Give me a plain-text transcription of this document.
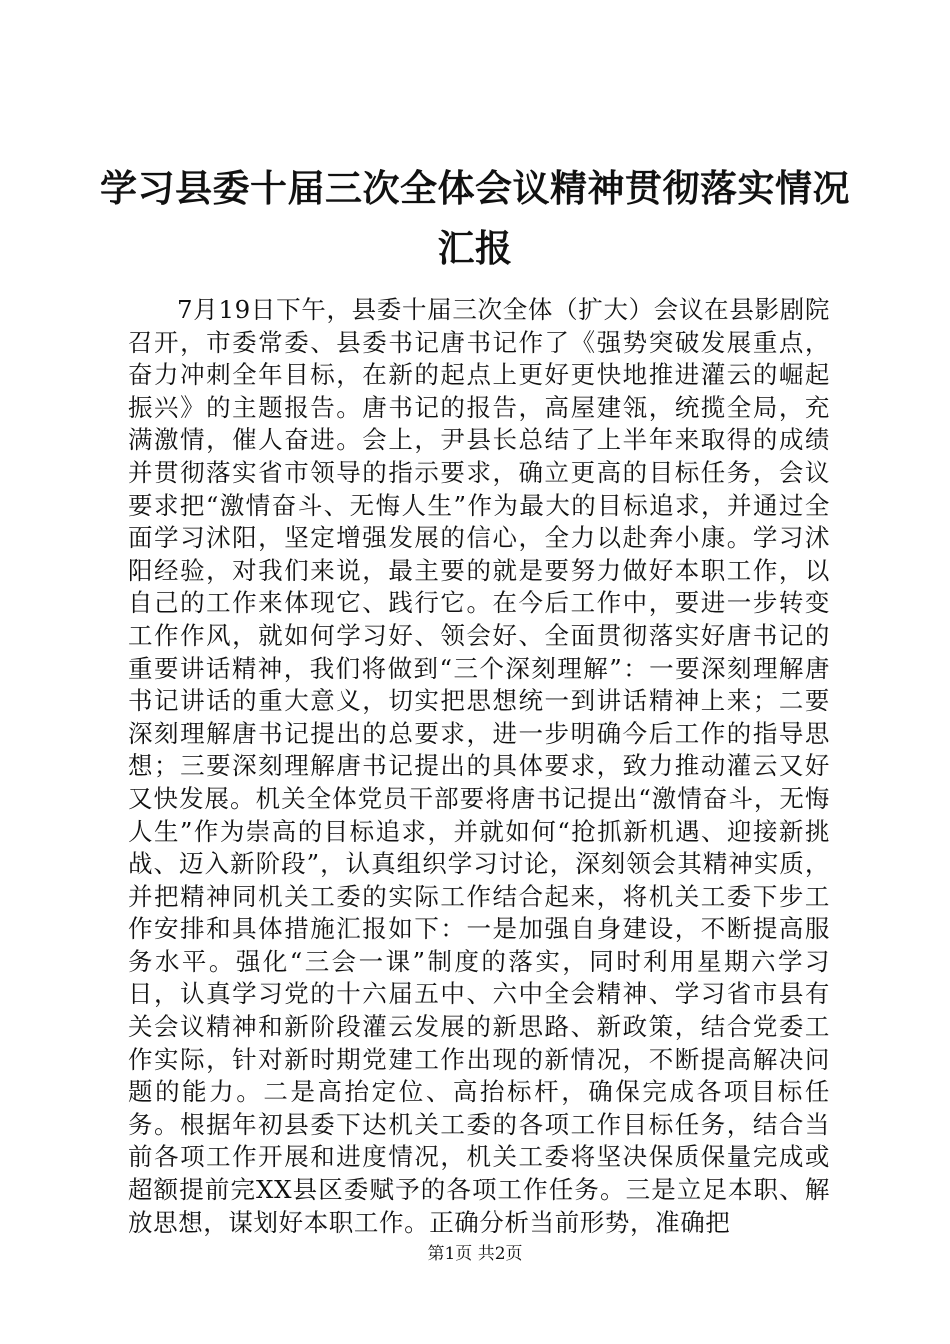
学习县委十届三次全体会议精神贯彻落实情况
汇报

7月19日下午，县委十届三次全体（扩大）会议在县影剧院召开，市委常委、县委书记唐书记作了《强势突破发展重点，奋力冲刺全年目标，在新的起点上更好更快地推进灌云的崛起振兴》的主题报告。唐书记的报告，高屋建瓴，统揽全局，充满激情，催人奋进。会上，尹县长总结了上半年来取得的成绩并贯彻落实省市领导的指示要求，确立更高的目标任务，会议要求把“激情奋斗、无悔人生”作为最大的目标追求，并通过全面学习沭阳，坚定增强发展的信心，全力以赴奔小康。学习沭阳经验，对我们来说，最主要的就是要努力做好本职工作，以自己的工作来体现它、践行它。在今后工作中，要进一步转变工作作风，就如何学习好、领会好、全面贯彻落实好唐书记的重要讲话精神，我们将做到“三个深刻理解”：一要深刻理解唐书记讲话的重大意义，切实把思想统一到讲话精神上来；二要深刻理解唐书记提出的总要求，进一步明确今后工作的指导思想；三要深刻理解唐书记提出的具体要求，致力推动灌云又好又快发展。机关全体党员干部要将唐书记提出“激情奋斗，无悔人生”作为崇高的目标追求，并就如何“抢抓新机遇、迎接新挑战、迈入新阶段”，认真组织学习讨论，深刻领会其精神实质，并把精神同机关工委的实际工作结合起来，将机关工委下步工作安排和具体措施汇报如下：一是加强自身建设，不断提高服务水平。强化“三会一课”制度的落实，同时利用星期六学习日，认真学习党的十六届五中、六中全会精神、学习省市县有关会议精神和新阶段灌云发展的新思路、新政策，结合党委工作实际，针对新时期党建工作出现的新情况，不断提高解决问题的能力。二是高抬定位、高抬标杆，确保完成各项目标任务。根据年初县委下达机关工委的各项工作目标任务，结合当前各项工作开展和进度情况，机关工委将坚决保质保量完成或超额提前完XX县区委赋予的各项工作任务。三是立足本职、解放思想，谋划好本职工作。正确分析当前形势，准确把

第1页 共2页
